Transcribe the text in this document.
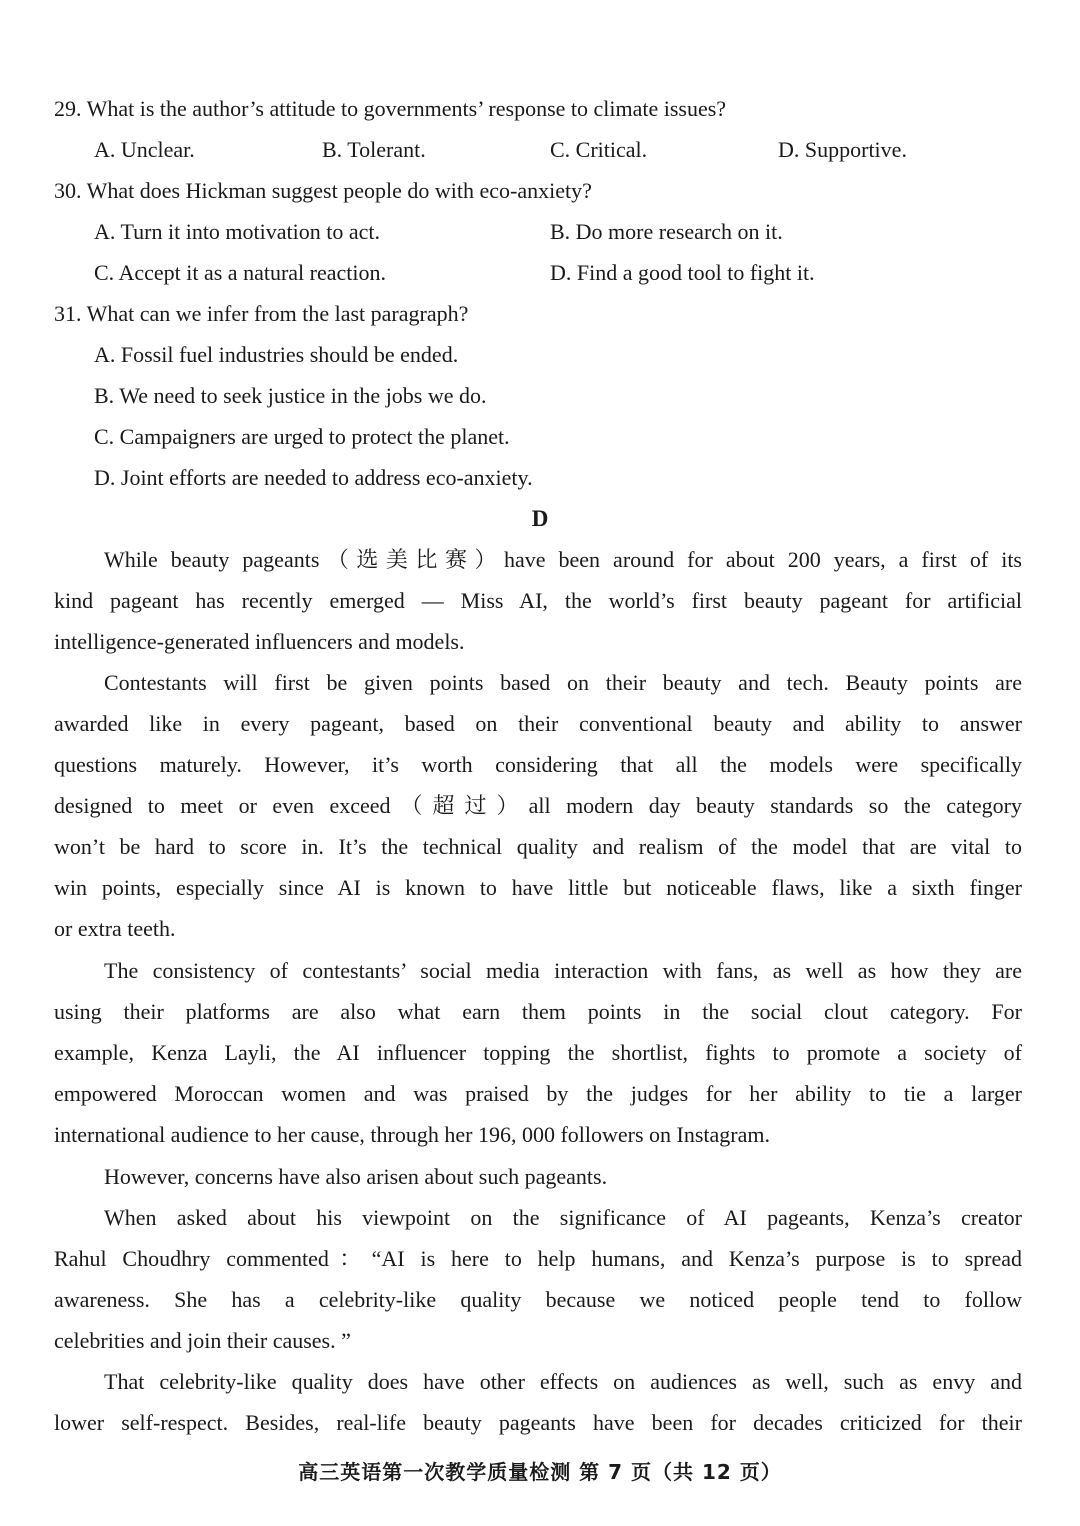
29. What is the author’s attitude to governments’ response to climate issues?
A. Unclear.	B. Tolerant.	C. Critical.	D. Supportive.
30. What does Hickman suggest people do with eco-anxiety?
A. Turn it into motivation to act.	B. Do more research on it.
C. Accept it as a natural reaction.	D. Find a good tool to fight it.
31. What can we infer from the last paragraph?
A. Fossil fuel industries should be ended.
B. We need to seek justice in the jobs we do.
C. Campaigners are urged to protect the planet.
D. Joint efforts are needed to address eco-anxiety.
D
While beauty pageants（选美比赛）have been around for about 200 years, a first of its
kind pageant has recently emerged — Miss AI, the world’s first beauty pageant for artificial
intelligence-generated influencers and models.
Contestants will first be given points based on their beauty and tech. Beauty points are
awarded like in every pageant, based on their conventional beauty and ability to answer
questions maturely. However, it’s worth considering that all the models were specifically
designed to meet or even exceed（超过）all modern day beauty standards so the category
won’t be hard to score in. It’s the technical quality and realism of the model that are vital to
win points, especially since AI is known to have little but noticeable flaws, like a sixth finger
or extra teeth.
The consistency of contestants’ social media interaction with fans, as well as how they are
using their platforms are also what earn them points in the social clout category. For
example, Kenza Layli, the AI influencer topping the shortlist, fights to promote a society of
empowered Moroccan women and was praised by the judges for her ability to tie a larger
international audience to her cause, through her 196, 000 followers on Instagram.
However, concerns have also arisen about such pageants.
When asked about his viewpoint on the significance of AI pageants, Kenza’s creator
Rahul Choudhry commented：“AI is here to help humans, and Kenza’s purpose is to spread
awareness. She has a celebrity-like quality because we noticed people tend to follow
celebrities and join their causes. ”
That celebrity-like quality does have other effects on audiences as well, such as envy and
lower self-respect. Besides, real-life beauty pageants have been for decades criticized for their
高三英语第一次教学质量检测 第 7 页（共 12 页）
